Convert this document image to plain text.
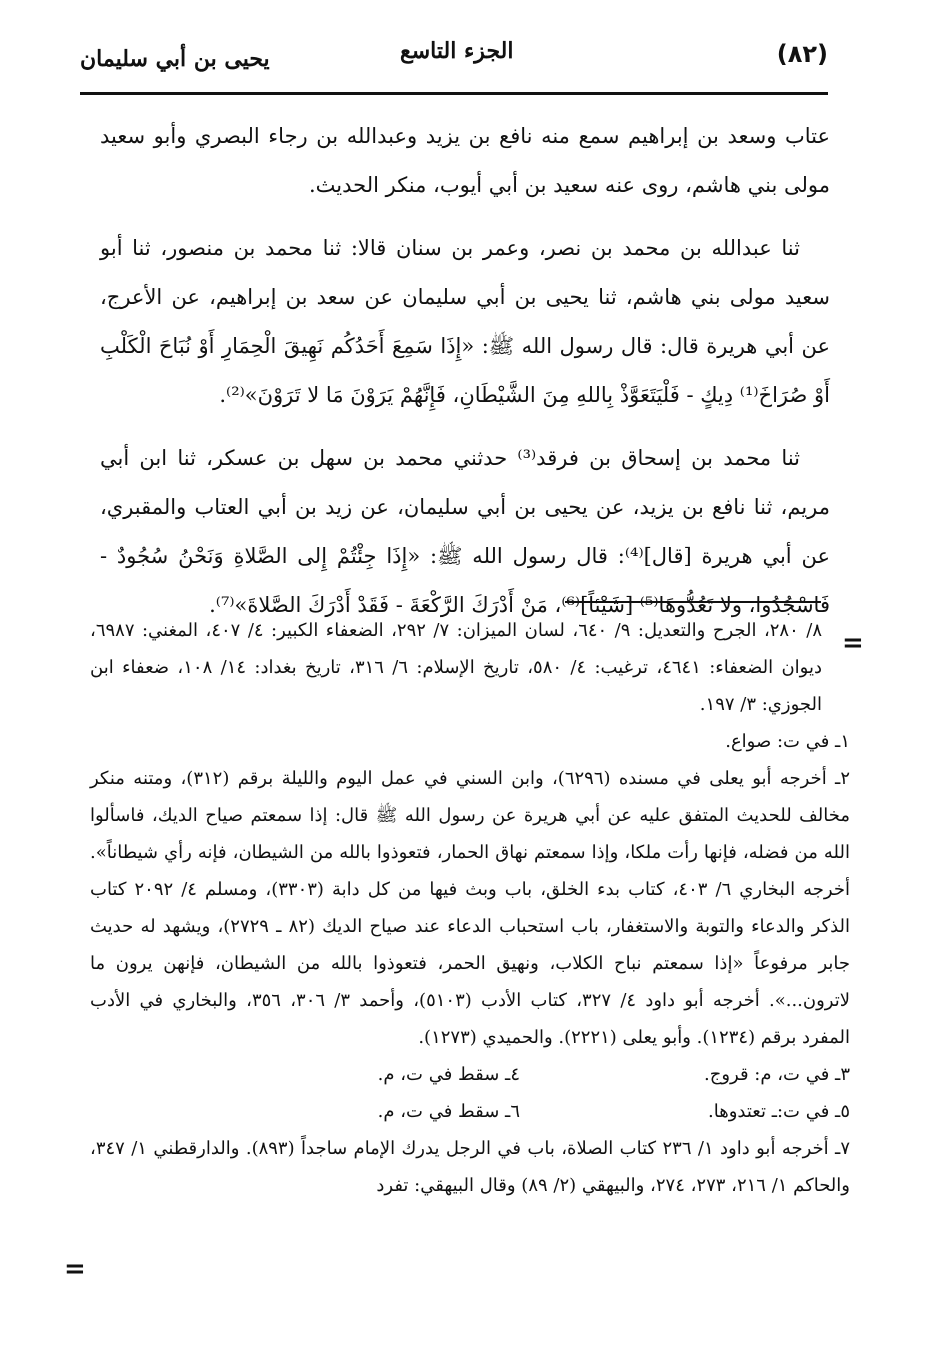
(٨٢)
الجزء التاسع
يحيى بن أبي سليمان

عتاب وسعد بن إبراهيم سمع منه نافع بن يزيد وعبدالله بن رجاء البصري وأبو سعيد مولى بني هاشم، روى عنه سعيد بن أبي أيوب، منكر الحديث.

ثنا عبدالله بن محمد بن نصر، وعمر بن سنان قالا: ثنا محمد بن منصور، ثنا أبو سعيد مولى بني هاشم، ثنا يحيى بن أبي سليمان عن سعد بن إبراهيم، عن الأعرج، عن أبي هريرة قال: قال رسول الله ﷺ: «إِذَا سَمِعَ أَحَدُكُم نَهِيقَ الْحِمَارِ أَوْ نُبَاحَ الْكَلْبِ أَوْ صُرَاخَ⁽¹⁾ دِيكٍ - فَلْيَتَعَوَّذْ بِاللهِ مِنَ الشَّيْطَانِ، فَإِنَّهُمْ يَرَوْنَ مَا لا تَرَوْنَ»⁽²⁾.

ثنا محمد بن إسحاق بن فرقد⁽³⁾ حدثني محمد بن سهل بن عسكر، ثنا ابن أبي مريم، ثنا نافع بن يزيد، عن يحيى بن أبي سليمان، عن زيد بن أبي العتاب والمقبري، عن أبي هريرة [قال]⁽⁴⁾: قال رسول الله ﷺ: «إِذَا جِئْتُمْ إِلى الصَّلاةِ وَنَحْنُ سُجُودٌ - فَاسْجُدُوا، ولا تَعُدُّوهَا⁽⁵⁾ [شَيْئاً]⁽⁶⁾، مَنْ أَدْرَكَ الرَّكْعَةَ - فَقَدْ أَدْرَكَ الصَّلاةَ»⁽⁷⁾.

=

٨/ ٢٨٠، الجرح والتعديل: ٩/ ٦٤٠، لسان الميزان: ٧/ ٢٩٢، الضعفاء الكبير: ٤/ ٤٠٧، المغني: ٦٩٨٧، ديوان الضعفاء: ٤٦٤١، ترغيب: ٤/ ٥٨٠، تاريخ الإسلام: ٦/ ٣١٦، تاريخ بغداد: ١٤/ ١٠٨، ضعفاء ابن الجوزي: ٣/ ١٩٧.

١ـ في ت: صواع.

٢ـ أخرجه أبو يعلى في مسنده (٦٢٩٦)، وابن السني في عمل اليوم والليلة برقم (٣١٢)، ومتنه منكر مخالف للحديث المتفق عليه عن أبي هريرة عن رسول الله ﷺ قال: إذا سمعتم صياح الديك، فاسألوا الله من فضله، فإنها رأت ملكا، وإذا سمعتم نهاق الحمار، فتعوذوا بالله من الشيطان، فإنه رأي شيطاناً». أخرجه البخاري ٦/ ٤٠٣، كتاب بدء الخلق، باب وبث فيها من كل دابة (٣٣٠٣)، ومسلم ٤/ ٢٠٩٢ كتاب الذكر والدعاء والتوبة والاستغفار، باب استحباب الدعاء عند صياح الديك (٨٢ ـ ٢٧٢٩)، ويشهد له حديث جابر مرفوعاً «إذا سمعتم نباح الكلاب، ونهيق الحمر، فتعوذوا بالله من الشيطان، فإنهن يرون ما لاترون...». أخرجه أبو داود ٤/ ٣٢٧، كتاب الأدب (٥١٠٣)، وأحمد ٣/ ٣٠٦، ٣٥٦، والبخاري في الأدب المفرد برقم (١٢٣٤). وأبو يعلى (٢٢٢١). والحميدي (١٢٧٣).

٣ـ في ت، م: قروج.
٤ـ سقط في ت، م.
٥ـ في ت:ـ تعتدوها.
٦ـ سقط في ت، م.

٧ـ أخرجه أبو داود ١/ ٢٣٦ كتاب الصلاة، باب في الرجل يدرك الإمام ساجداً (٨٩٣). والدارقطني ١/ ٣٤٧، والحاكم ١/ ٢١٦، ٢٧٣، ٢٧٤، والبيهقي (٢/ ٨٩) وقال البيهقي: تفرد

=
